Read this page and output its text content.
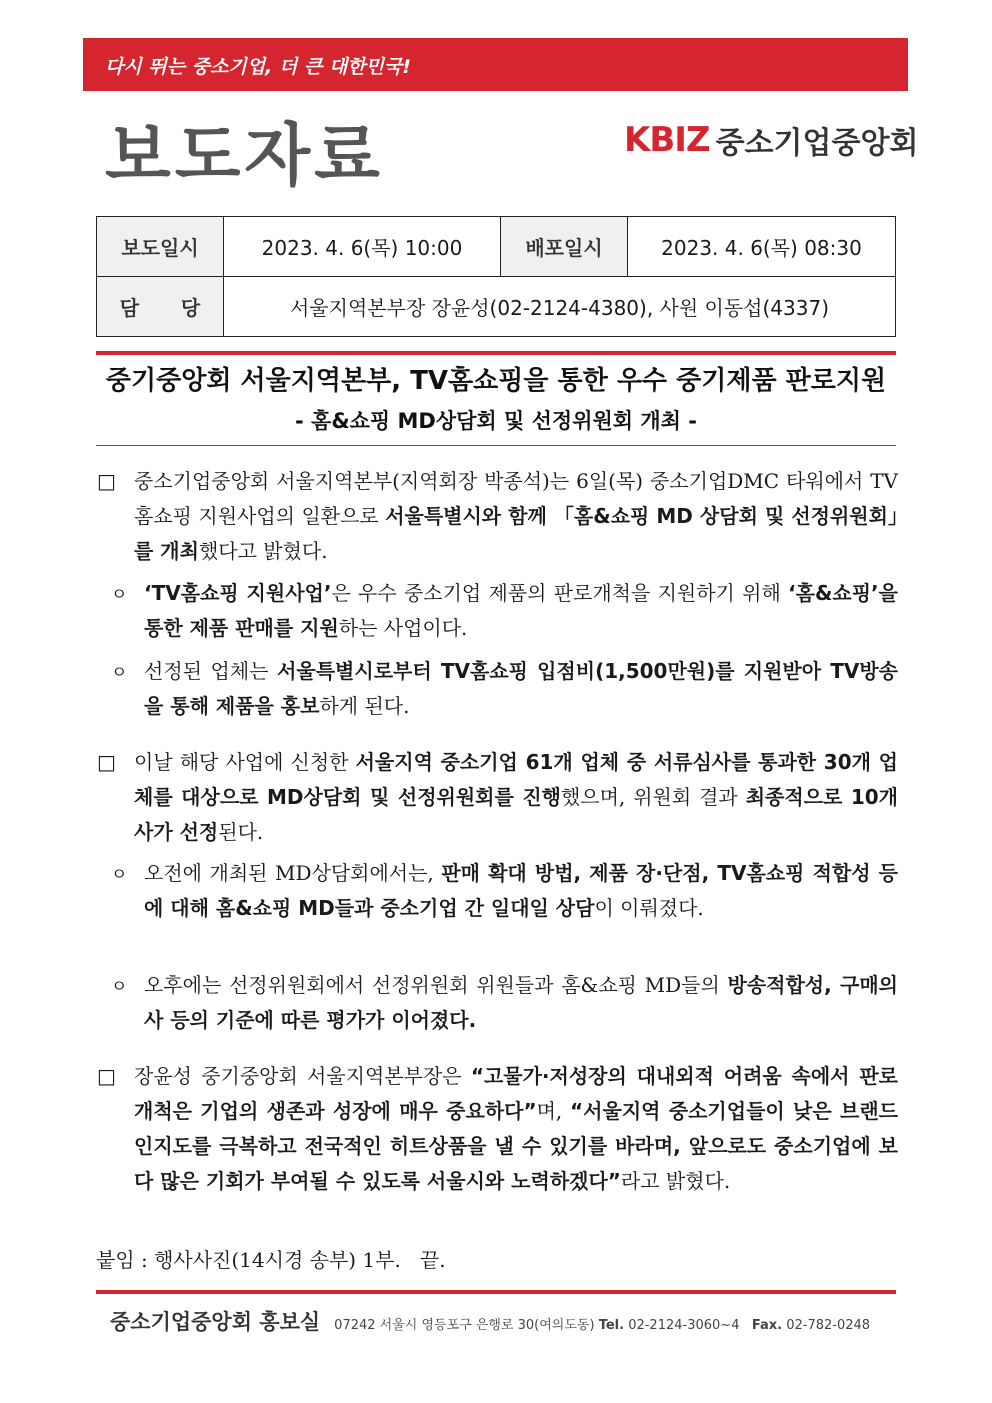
다시 뛰는 중소기업, 더 큰 대한민국!
보도자료	KBIZ 중소기업중앙회
보도일시	2023. 4. 6(목) 10:00	배포일시	2023. 4. 6(목) 08:30
담      당	서울지역본부장 장윤성(02-2124-4380), 사원 이동섭(4337)		
중기중앙회 서울지역본부, TV홈쇼핑을 통한 우수 중기제품 판로지원
- 홈&쇼핑 MD상담회 및 선정위원회 개최 -
□ 중소기업중앙회 서울지역본부(지역회장 박종석)는 6일(목) 중소기업DMC 타워에서 TV홈쇼핑 지원사업의 일환으로 서울특별시와 함께 「홈&쇼핑 MD 상담회 및 선정위원회」를 개최했다고 밝혔다.
ㅇ ‘TV홈쇼핑 지원사업’은 우수 중소기업 제품의 판로개척을 지원하기 위해 ‘홈&쇼핑’을 통한 제품 판매를 지원하는 사업이다.
ㅇ 선정된 업체는 서울특별시로부터 TV홈쇼핑 입점비(1,500만원)를 지원받아 TV방송을 통해 제품을 홍보하게 된다.
□ 이날 해당 사업에 신청한 서울지역 중소기업 61개 업체 중 서류심사를 통과한 30개 업체를 대상으로 MD상담회 및 선정위원회를 진행했으며, 위원회 결과 최종적으로 10개사가 선정된다.
ㅇ 오전에 개최된 MD상담회에서는, 판매 확대 방법, 제품 장·단점, TV홈쇼핑 적합성 등에 대해 홈&쇼핑 MD들과 중소기업 간 일대일 상담이 이뤄졌다.
ㅇ 오후에는 선정위원회에서 선정위원회 위원들과 홈&쇼핑 MD들의 방송적합성, 구매의사 등의 기준에 따른 평가가 이어졌다.
□ 장윤성 중기중앙회 서울지역본부장은 “고물가·저성장의 대내외적 어려움 속에서 판로 개척은 기업의 생존과 성장에 매우 중요하다”며, “서울지역 중소기업들이 낮은 브랜드 인지도를 극복하고 전국적인 히트상품을 낼 수 있기를 바라며, 앞으로도 중소기업에 보다 많은 기회가 부여될 수 있도록 서울시와 노력하겠다”라고 밝혔다.
붙임 : 행사사진(14시경 송부) 1부.   끝.
중소기업중앙회 홍보실 07242 서울시 영등포구 은행로 30(여의도동) Tel. 02-2124-3060~4 Fax. 02-782-0248
